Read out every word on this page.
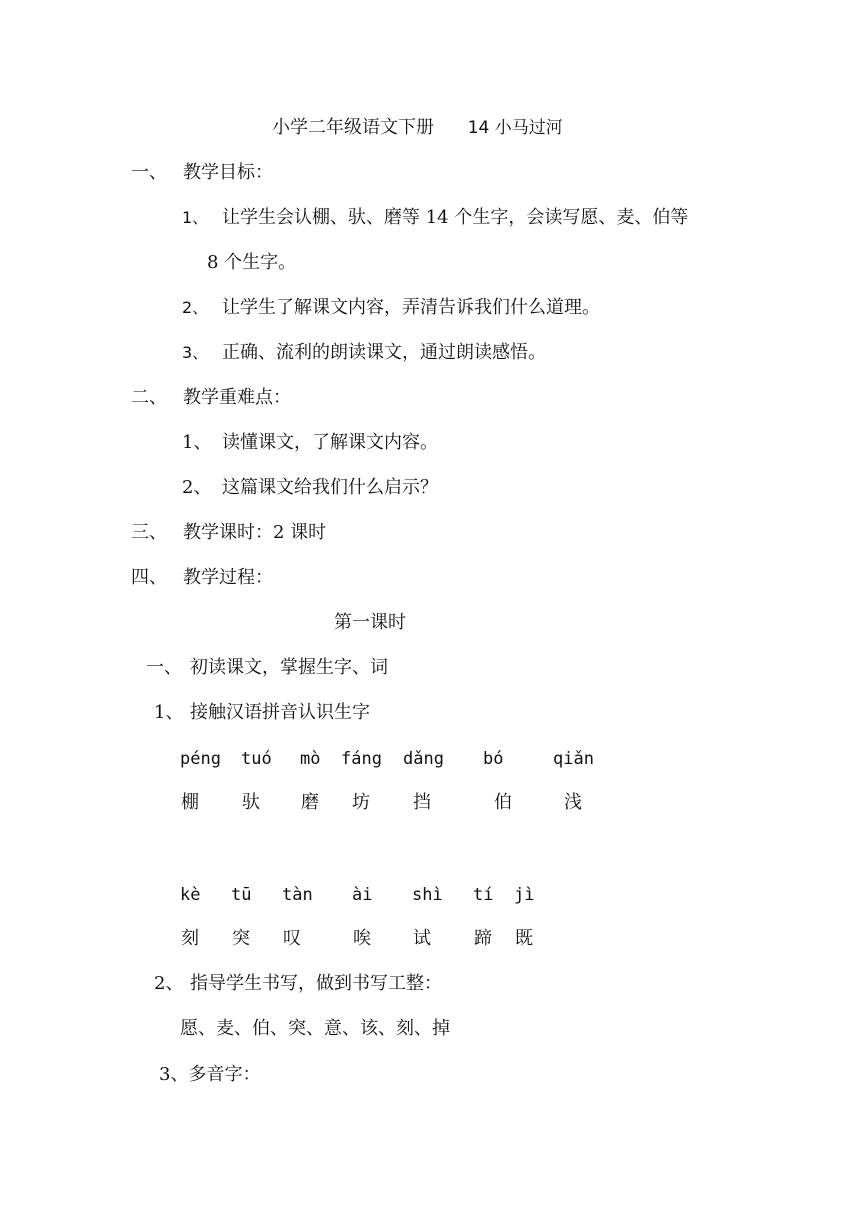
小学二年级语文下册 14 小马过河
一、 教学目标：
1、 让学生会认棚、驮、磨等 14 个生字，会读写愿、麦、伯等
8 个生字。
2、 让学生了解课文内容，弄清告诉我们什么道理。
3、 正确、流利的朗读课文，通过朗读感悟。
二、 教学重难点：
1、 读懂课文，了解课文内容。
2、 这篇课文给我们什么启示？
三、 教学课时：2 课时
四、 教学过程：
第一课时
一、 初读课文，掌握生字、词
1、 接触汉语拼音认识生字
péng tuó mò fáng dǎng bó	qiǎn
棚 驮 磨 坊 挡	伯	浅
kè tū tàn ài shì tí jì
刻 突 叹	唉 试 蹄 既
2、 指导学生书写，做到书写工整：
愿、麦、伯、突、意、该、刻、掉
3、多音字：
